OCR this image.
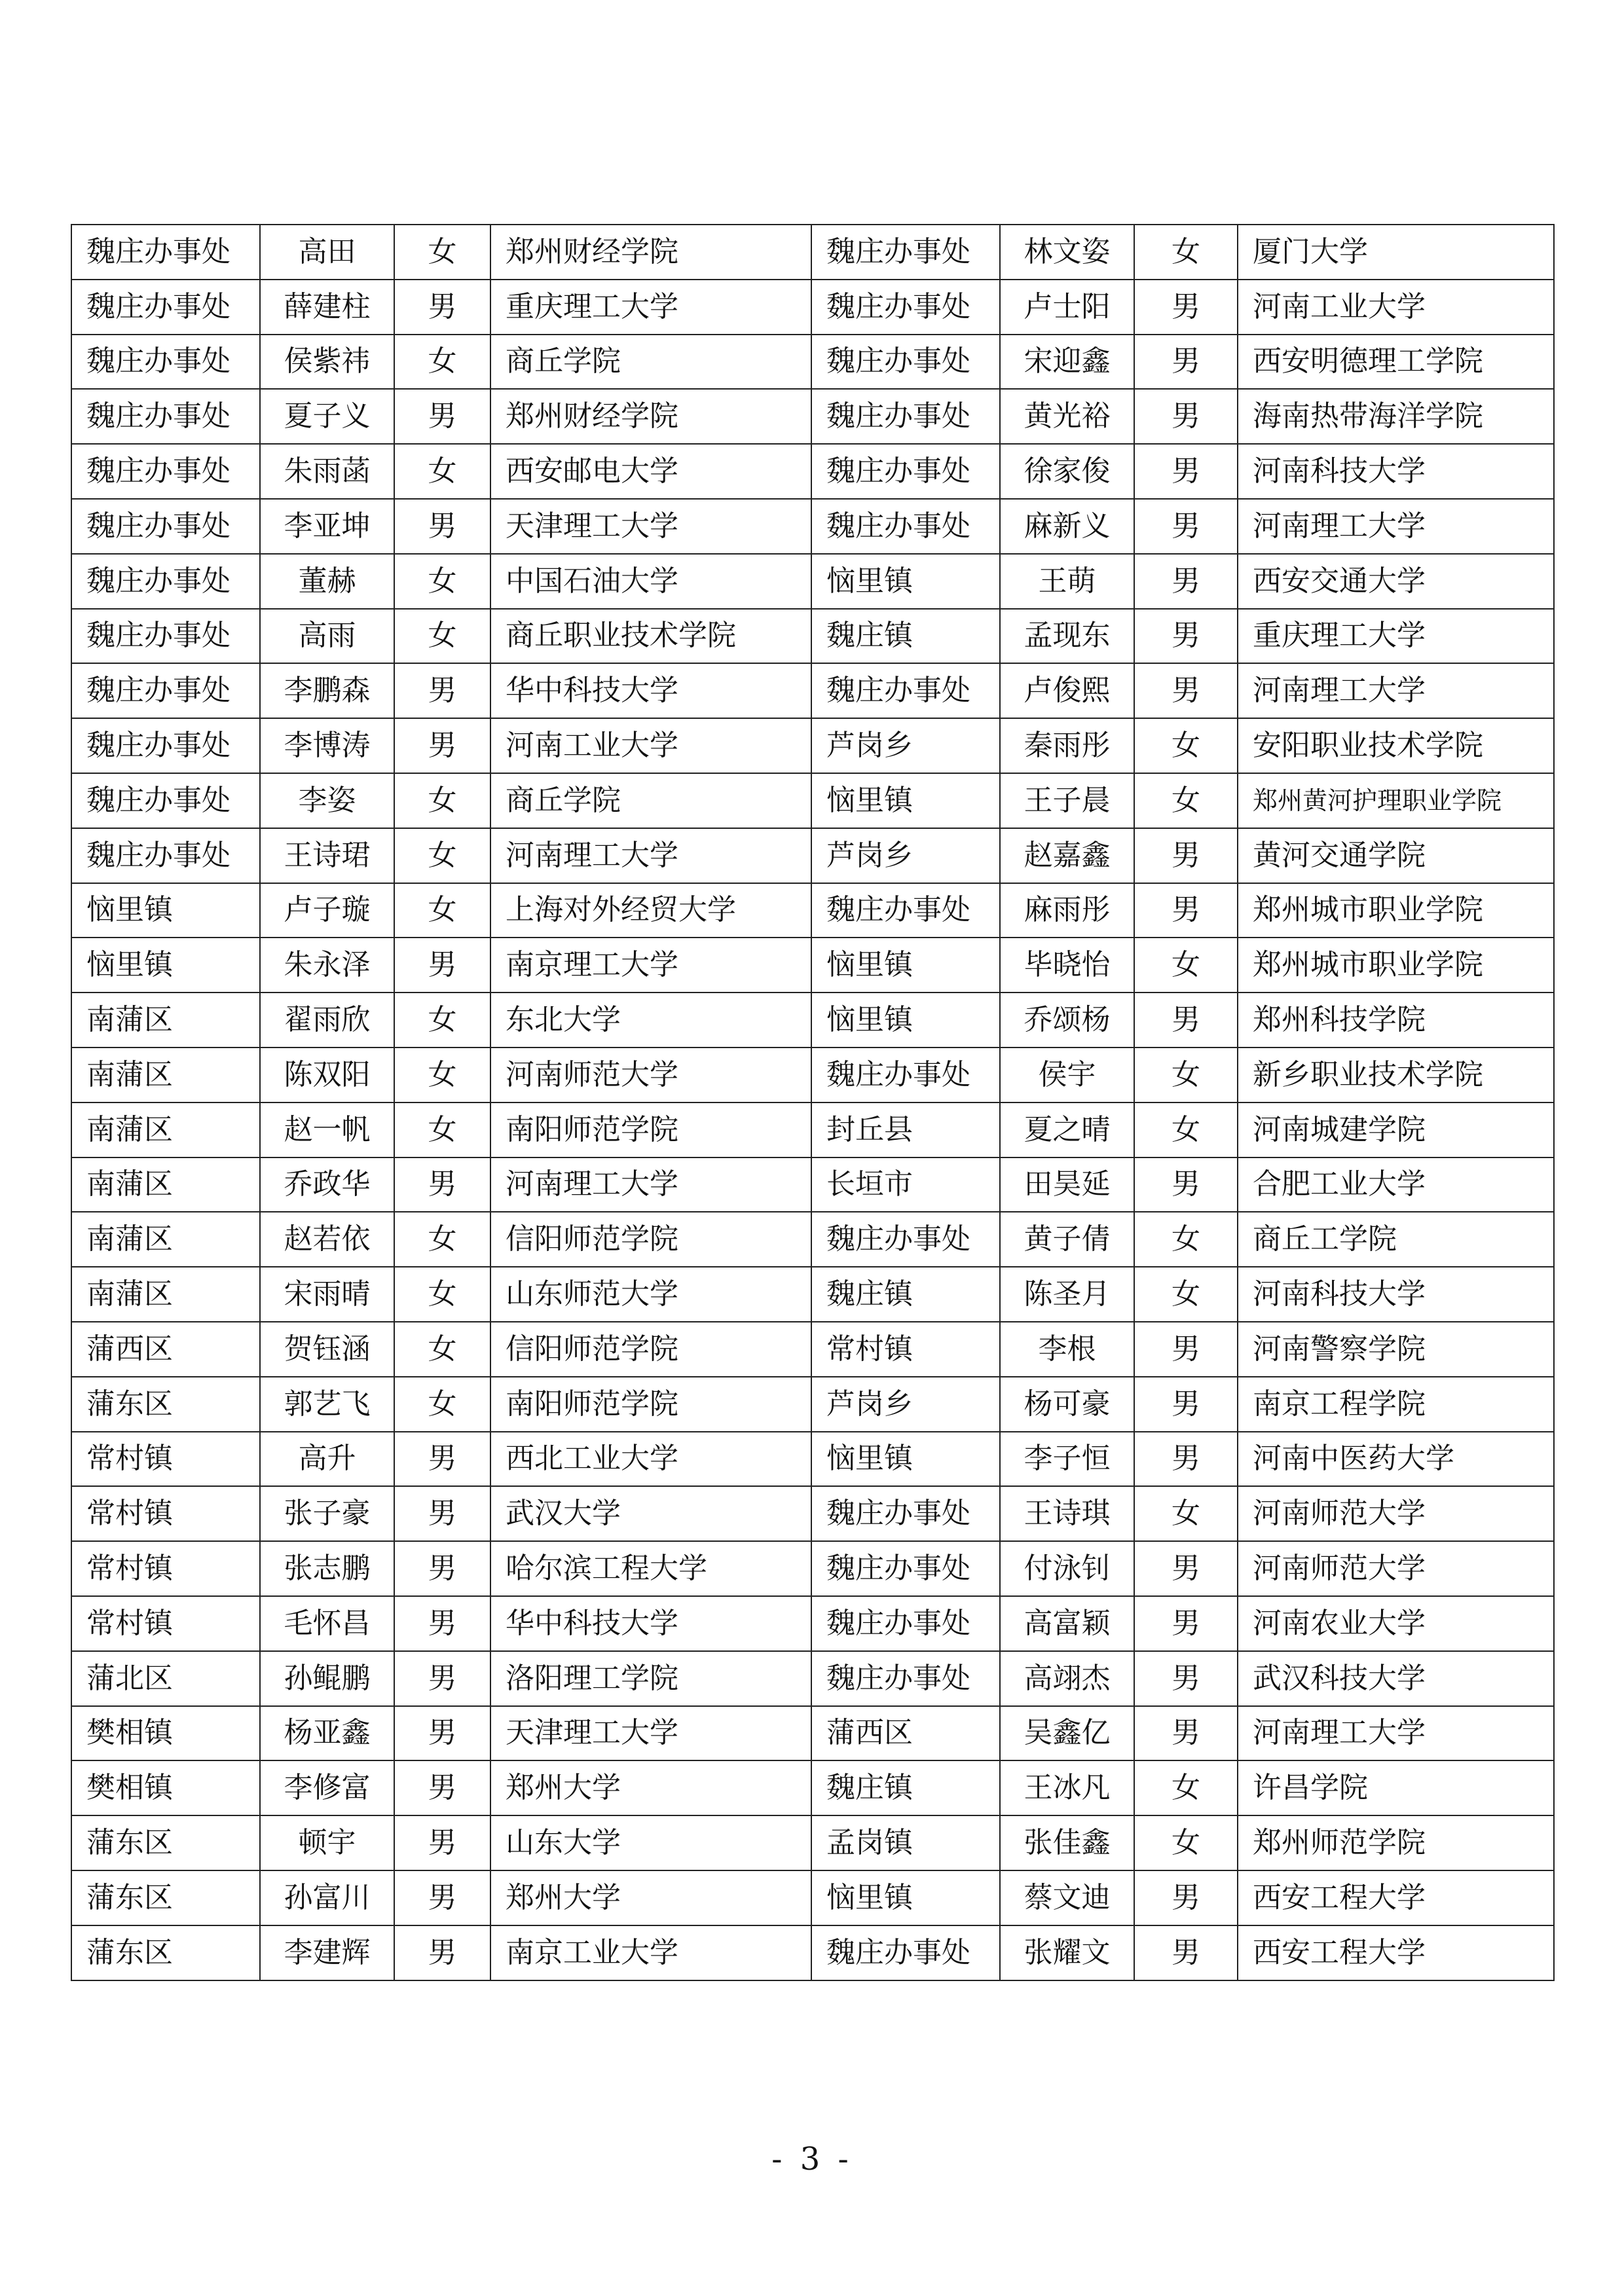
魏庄办事处	高田	女	郑州财经学院	魏庄办事处	林文姿	女	厦门大学
魏庄办事处	薛建柱	男	重庆理工大学	魏庄办事处	卢士阳	男	河南工业大学
魏庄办事处	侯紫祎	女	商丘学院	魏庄办事处	宋迎鑫	男	西安明德理工学院
魏庄办事处	夏子义	男	郑州财经学院	魏庄办事处	黄光裕	男	海南热带海洋学院
魏庄办事处	朱雨菡	女	西安邮电大学	魏庄办事处	徐家俊	男	河南科技大学
魏庄办事处	李亚坤	男	天津理工大学	魏庄办事处	麻新义	男	河南理工大学
魏庄办事处	董赫	女	中国石油大学	恼里镇	王萌	男	西安交通大学
魏庄办事处	高雨	女	商丘职业技术学院	魏庄镇	孟现东	男	重庆理工大学
魏庄办事处	李鹏森	男	华中科技大学	魏庄办事处	卢俊熙	男	河南理工大学
魏庄办事处	李博涛	男	河南工业大学	芦岗乡	秦雨彤	女	安阳职业技术学院
魏庄办事处	李姿	女	商丘学院	恼里镇	王子晨	女	郑州黄河护理职业学院
魏庄办事处	王诗珺	女	河南理工大学	芦岗乡	赵嘉鑫	男	黄河交通学院
恼里镇	卢子璇	女	上海对外经贸大学	魏庄办事处	麻雨彤	男	郑州城市职业学院
恼里镇	朱永泽	男	南京理工大学	恼里镇	毕晓怡	女	郑州城市职业学院
南蒲区	翟雨欣	女	东北大学	恼里镇	乔颂杨	男	郑州科技学院
南蒲区	陈双阳	女	河南师范大学	魏庄办事处	侯宇	女	新乡职业技术学院
南蒲区	赵一帆	女	南阳师范学院	封丘县	夏之晴	女	河南城建学院
南蒲区	乔政华	男	河南理工大学	长垣市	田昊延	男	合肥工业大学
南蒲区	赵若依	女	信阳师范学院	魏庄办事处	黄子倩	女	商丘工学院
南蒲区	宋雨晴	女	山东师范大学	魏庄镇	陈圣月	女	河南科技大学
蒲西区	贺钰涵	女	信阳师范学院	常村镇	李根	男	河南警察学院
蒲东区	郭艺飞	女	南阳师范学院	芦岗乡	杨可豪	男	南京工程学院
常村镇	高升	男	西北工业大学	恼里镇	李子恒	男	河南中医药大学
常村镇	张子豪	男	武汉大学	魏庄办事处	王诗琪	女	河南师范大学
常村镇	张志鹏	男	哈尔滨工程大学	魏庄办事处	付泳钊	男	河南师范大学
常村镇	毛怀昌	男	华中科技大学	魏庄办事处	高富颖	男	河南农业大学
蒲北区	孙鲲鹏	男	洛阳理工学院	魏庄办事处	高翊杰	男	武汉科技大学
樊相镇	杨亚鑫	男	天津理工大学	蒲西区	吴鑫亿	男	河南理工大学
樊相镇	李修富	男	郑州大学	魏庄镇	王冰凡	女	许昌学院
蒲东区	顿宇	男	山东大学	孟岗镇	张佳鑫	女	郑州师范学院
蒲东区	孙富川	男	郑州大学	恼里镇	蔡文迪	男	西安工程大学
蒲东区	李建辉	男	南京工业大学	魏庄办事处	张耀文	男	西安工程大学
- 3 -
